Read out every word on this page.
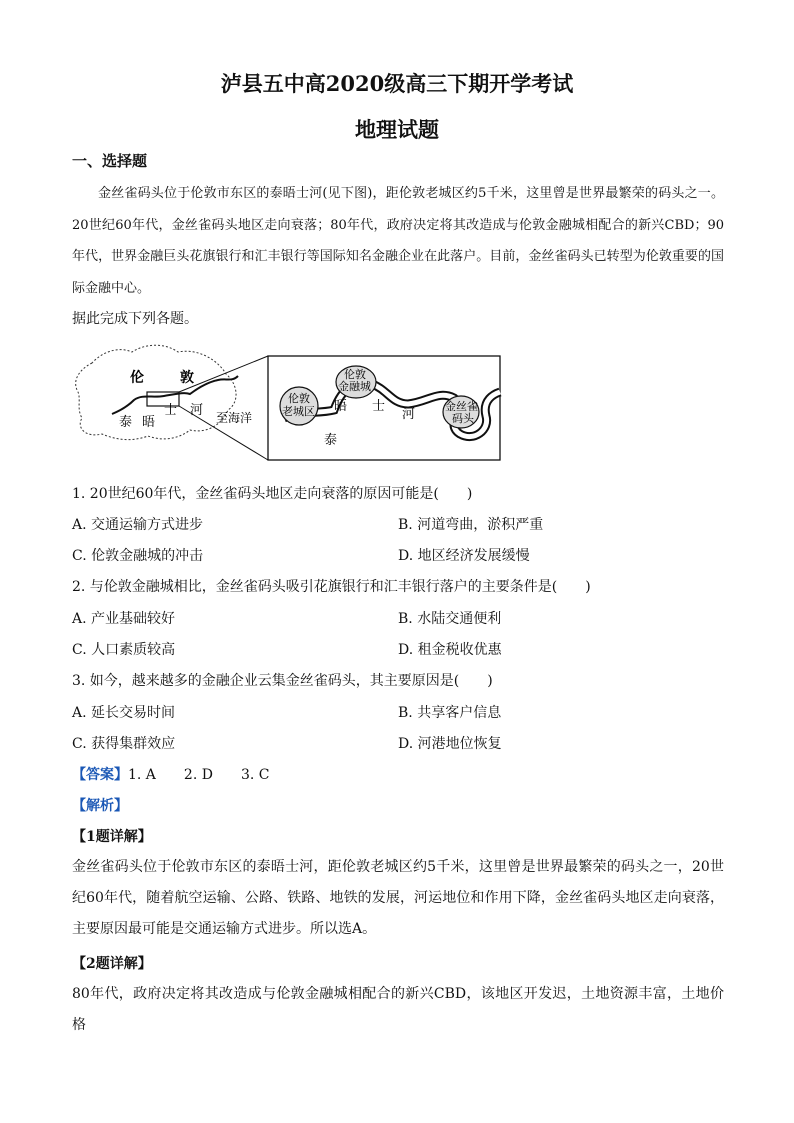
泸县五中高2020级高三下期开学考试
地理试题
一、选择题
金丝雀码头位于伦敦市东区的泰晤士河(见下图)，距伦敦老城区约5千米，这里曾是世界最繁荣的码头之一。20世纪60年代，金丝雀码头地区走向衰落；80年代，政府决定将其改造成与伦敦金融城相配合的新兴CBD；90年代，世界金融巨头花旗银行和汇丰银行等国际知名金融企业在此落户。目前，金丝雀码头已转型为伦敦重要的国际金融中心。
据此完成下列各题。
伦	敦
泰 晤
士 河 至海洋
伦敦
老城区
伦敦
金融城
金丝雀
码头
泰
晤 士
河
1. 20世纪60年代，金丝雀码头地区走向衰落的原因可能是(　　)
A. 交通运输方式进步	B. 河道弯曲，淤积严重
C. 伦敦金融城的冲击	D. 地区经济发展缓慢
2. 与伦敦金融城相比，金丝雀码头吸引花旗银行和汇丰银行落户的主要条件是(　　)
A. 产业基础较好	B. 水陆交通便利
C. 人口素质较高	D. 租金税收优惠
3. 如今，越来越多的金融企业云集金丝雀码头，其主要原因是(　　)
A. 延长交易时间	B. 共享客户信息
C. 获得集群效应	D. 河港地位恢复
【答案】1. A　　2. D　　3. C
【解析】
【1题详解】
金丝雀码头位于伦敦市东区的泰晤士河，距伦敦老城区约5千米，这里曾是世界最繁荣的码头之一，20世纪60年代，随着航空运输、公路、铁路、地铁的发展，河运地位和作用下降，金丝雀码头地区走向衰落，主要原因最可能是交通运输方式进步。所以选A。
【2题详解】
80年代，政府决定将其改造成与伦敦金融城相配合的新兴CBD，该地区开发迟，土地资源丰富，土地价格
